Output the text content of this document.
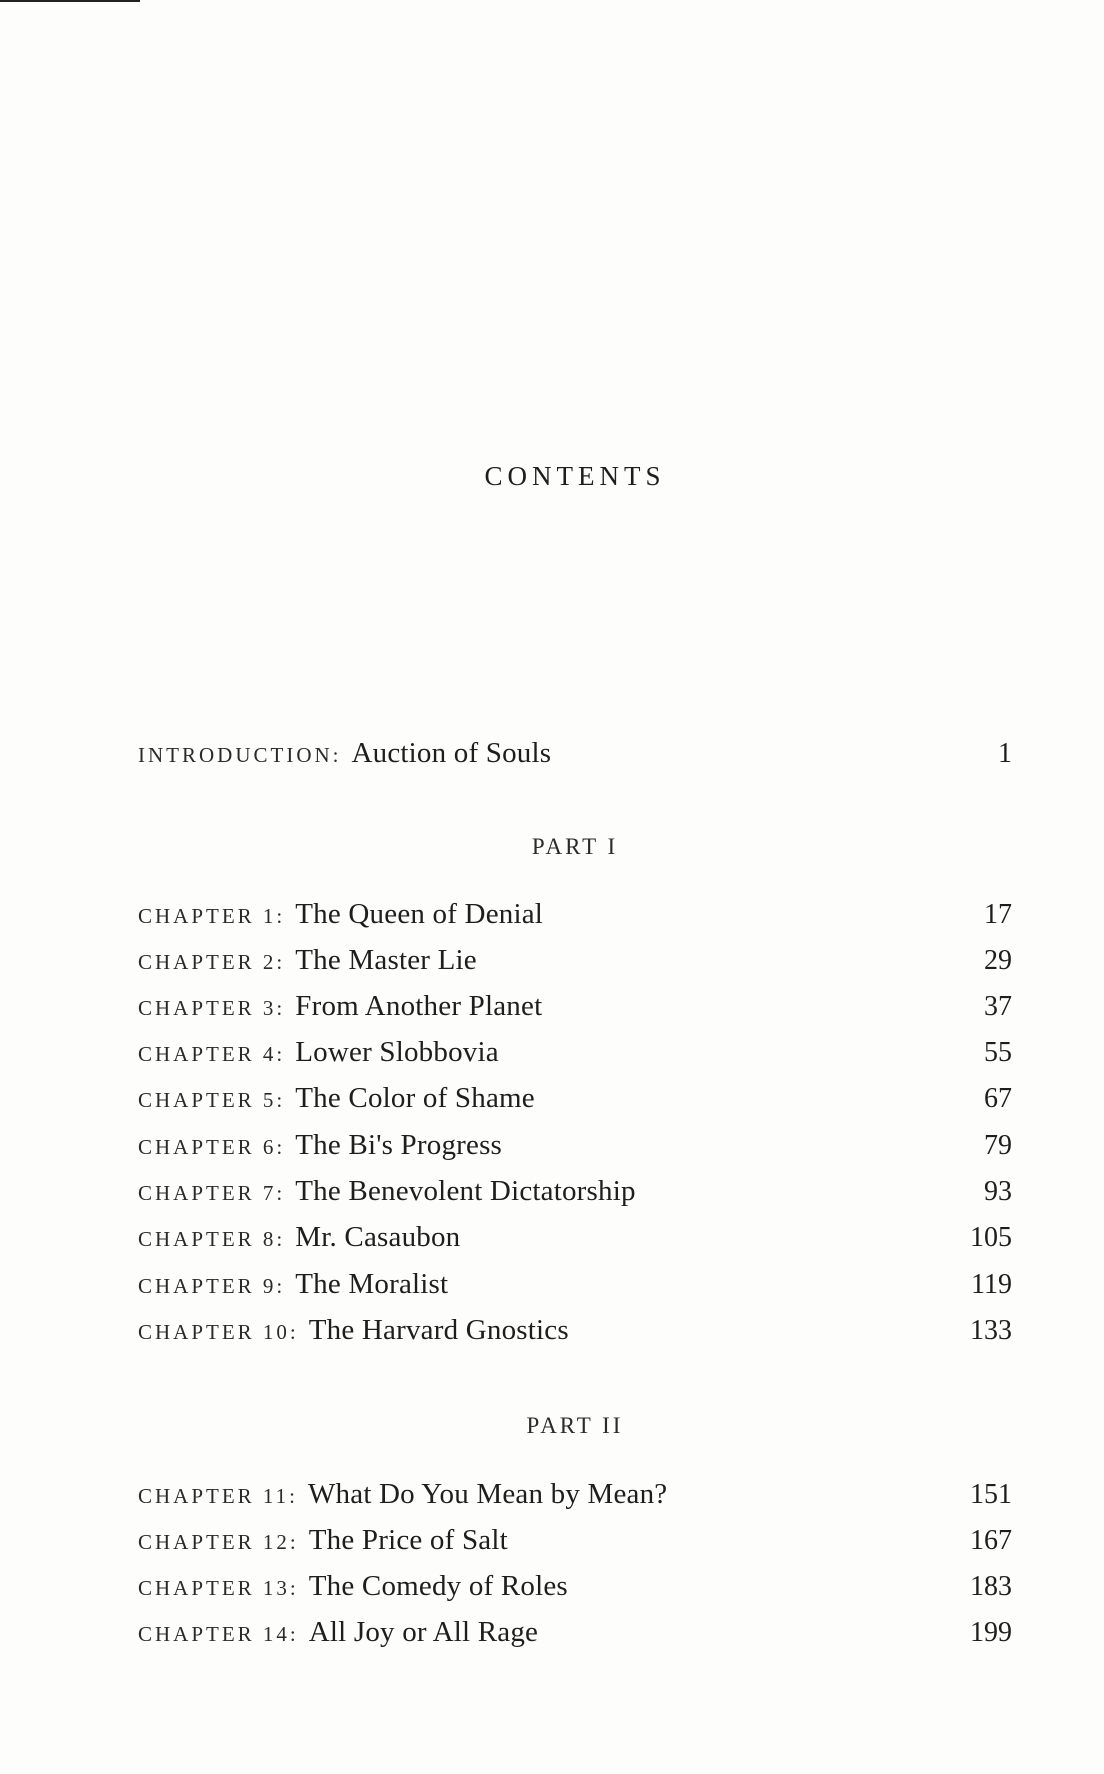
CONTENTS
INTRODUCTION: Auction of Souls	1
PART I
CHAPTER 1: The Queen of Denial	17
CHAPTER 2: The Master Lie	29
CHAPTER 3: From Another Planet	37
CHAPTER 4: Lower Slobbovia	55
CHAPTER 5: The Color of Shame	67
CHAPTER 6: The Bi's Progress	79
CHAPTER 7: The Benevolent Dictatorship	93
CHAPTER 8: Mr. Casaubon	105
CHAPTER 9: The Moralist	119
CHAPTER 10: The Harvard Gnostics	133
PART II
CHAPTER 11: What Do You Mean by Mean?	151
CHAPTER 12: The Price of Salt	167
CHAPTER 13: The Comedy of Roles	183
CHAPTER 14: All Joy or All Rage	199
